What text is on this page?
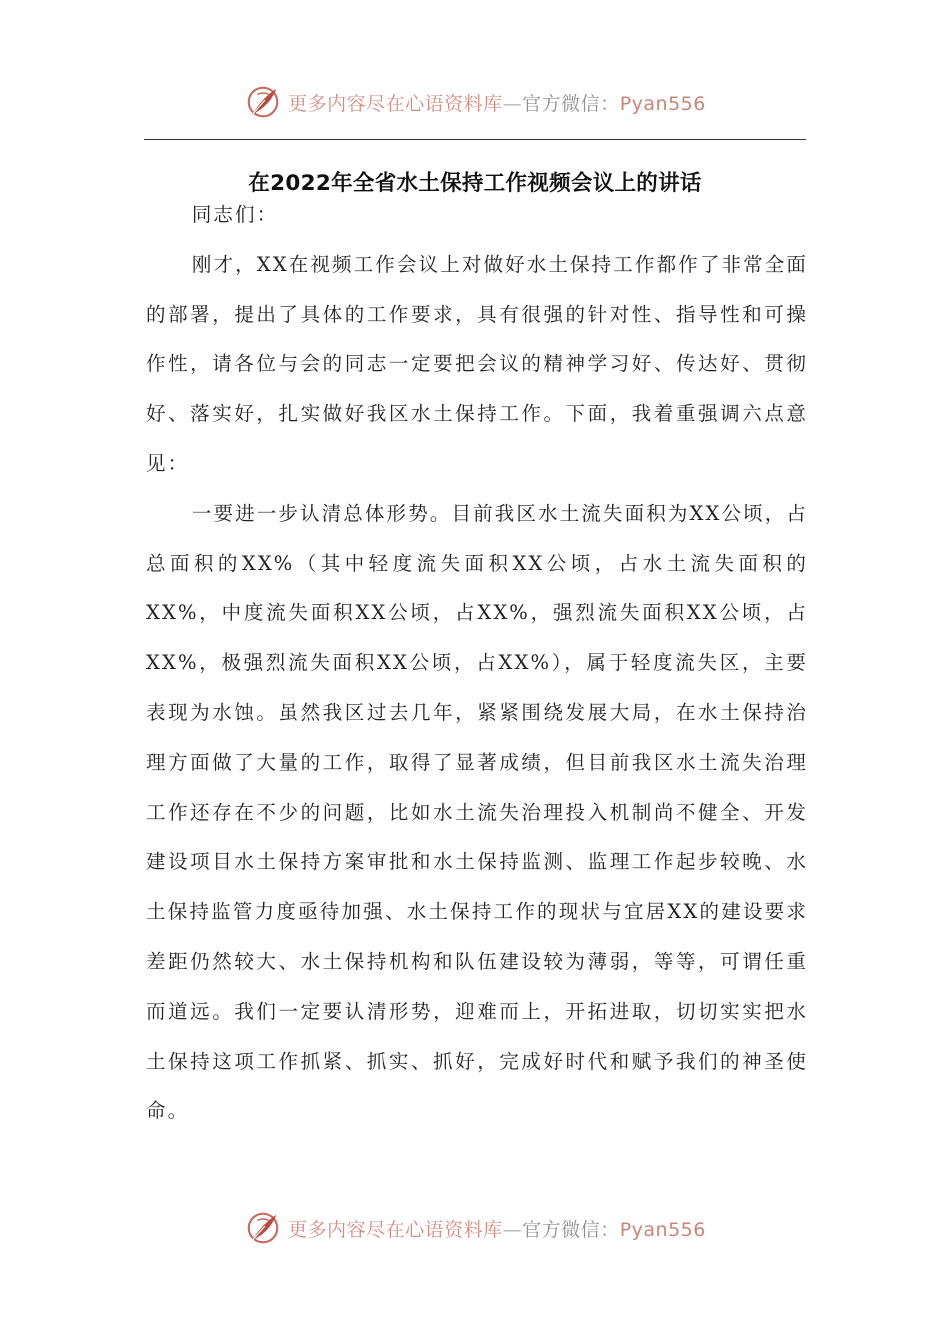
更多内容尽在心语资料库—官方微信：Pyan556
在2022年全省水土保持工作视频会议上的讲话

同志们：

刚才，XX在视频工作会议上对做好水土保持工作都作了非常全面的部署，提出了具体的工作要求，具有很强的针对性、指导性和可操作性，请各位与会的同志一定要把会议的精神学习好、传达好、贯彻好、落实好，扎实做好我区水土保持工作。下面，我着重强调六点意见：

一要进一步认清总体形势。目前我区水土流失面积为XX公顷，占总面积的XX%（其中轻度流失面积XX公顷，占水土流失面积的XX%，中度流失面积XX公顷，占XX%，强烈流失面积XX公顷，占XX%，极强烈流失面积XX公顷，占XX%），属于轻度流失区，主要表现为水蚀。虽然我区过去几年，紧紧围绕发展大局，在水土保持治理方面做了大量的工作，取得了显著成绩，但目前我区水土流失治理工作还存在不少的问题，比如水土流失治理投入机制尚不健全、开发建设项目水土保持方案审批和水土保持监测、监理工作起步较晚、水土保持监管力度亟待加强、水土保持工作的现状与宜居XX的建设要求差距仍然较大、水土保持机构和队伍建设较为薄弱，等等，可谓任重而道远。我们一定要认清形势，迎难而上，开拓进取，切切实实把水土保持这项工作抓紧、抓实、抓好，完成好时代和赋予我们的神圣使命。

更多内容尽在心语资料库—官方微信：Pyan556
